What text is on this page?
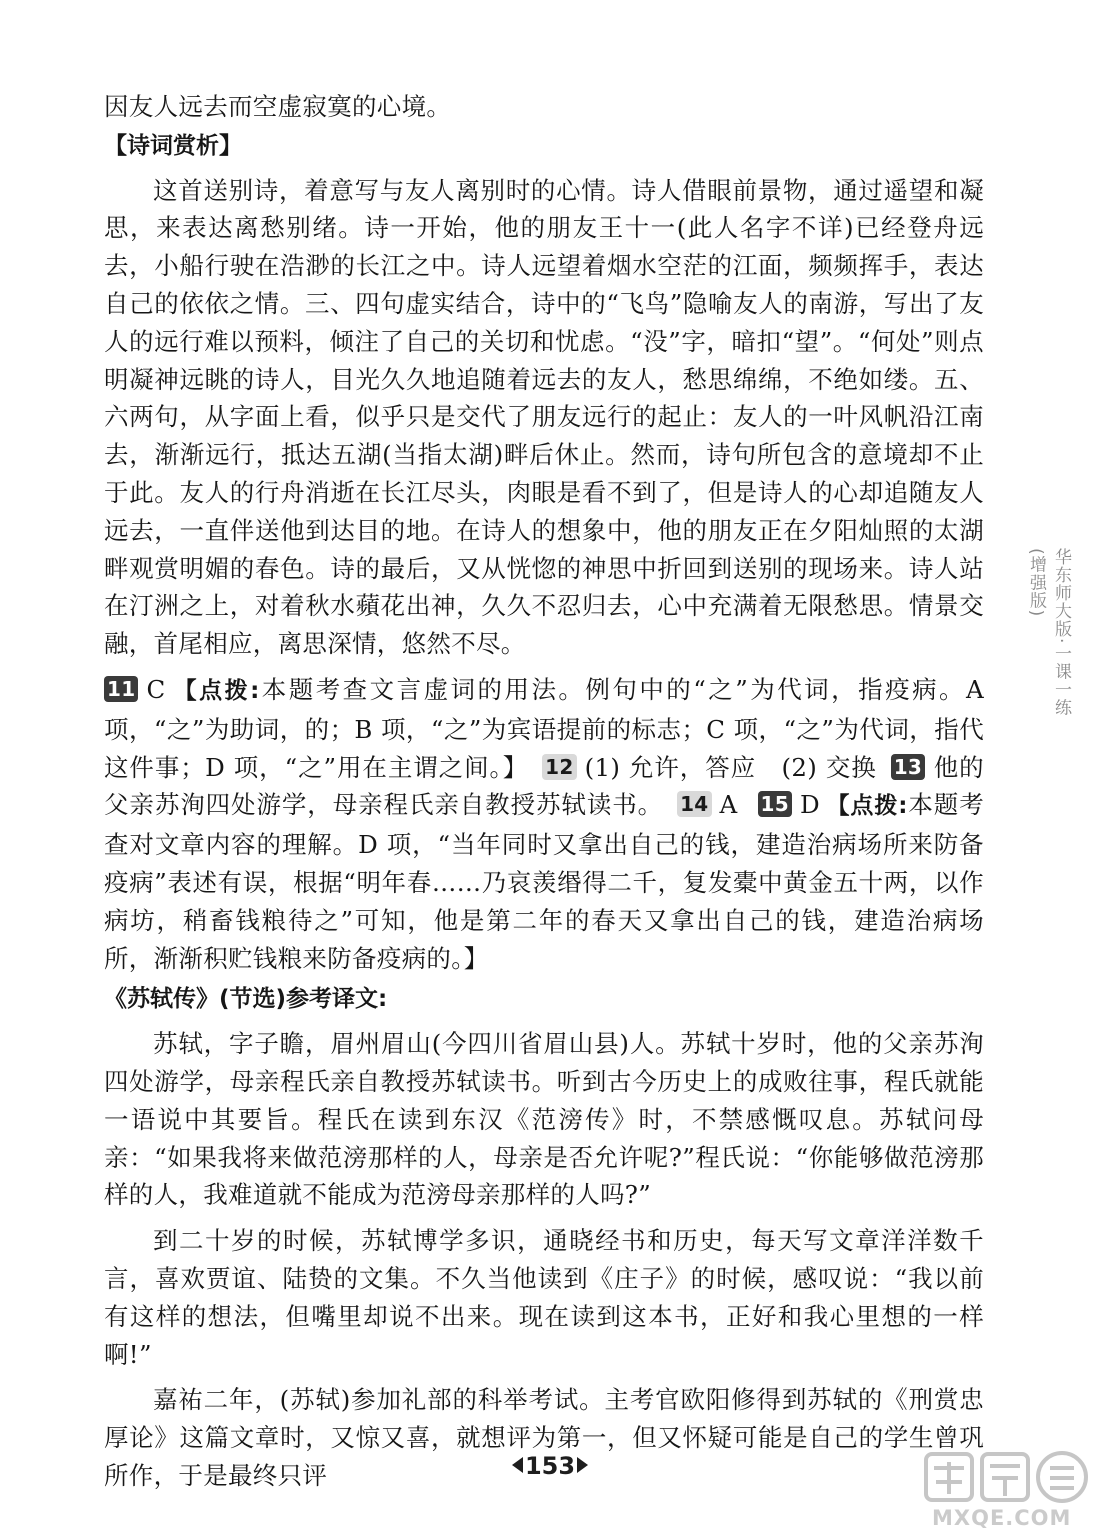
因友人远去而空虚寂寞的心境。

【诗词赏析】

这首送别诗，着意写与友人离别时的心情。诗人借眼前景物，通过遥望和凝思，来表达离愁别绪。诗一开始，他的朋友王十一(此人名字不详)已经登舟远去，小船行驶在浩渺的长江之中。诗人远望着烟水空茫的江面，频频挥手，表达自己的依依之情。三、四句虚实结合，诗中的“飞鸟”隐喻友人的南游，写出了友人的远行难以预料，倾注了自己的关切和忧虑。“没”字，暗扣“望”。“何处”则点明凝神远眺的诗人，目光久久地追随着远去的友人，愁思绵绵，不绝如缕。五、六两句，从字面上看，似乎只是交代了朋友远行的起止：友人的一叶风帆沿江南去，渐渐远行，抵达五湖(当指太湖)畔后休止。然而，诗句所包含的意境却不止于此。友人的行舟消逝在长江尽头，肉眼是看不到了，但是诗人的心却追随友人远去，一直伴送他到达目的地。在诗人的想象中，他的朋友正在夕阳灿照的太湖畔观赏明媚的春色。诗的最后，又从恍惚的神思中折回到送别的现场来。诗人站在汀洲之上，对着秋水蘋花出神，久久不忍归去，心中充满着无限愁思。情景交融，首尾相应，离思深情，悠然不尽。

11 C 【点拨:本题考查文言虚词的用法。例句中的“之”为代词，指疫病。A 项，“之”为助词，的；B 项，“之”为宾语提前的标志；C 项，“之”为代词，指代这件事；D 项，“之”用在主谓之间。】 12 (1) 允许，答应　(2) 交换 13 他的父亲苏洵四处游学，母亲程氏亲自教授苏轼读书。 14 A 15 D 【点拨:本题考查对文章内容的理解。D 项，“当年同时又拿出自己的钱，建造治病场所来防备疫病”表述有误，根据“明年春……乃哀羡缗得二千，复发橐中黄金五十两，以作病坊，稍畜钱粮待之”可知，他是第二年的春天又拿出自己的钱，建造治病场所，渐渐积贮钱粮来防备疫病的。】

《苏轼传》(节选)参考译文:

苏轼，字子瞻，眉州眉山(今四川省眉山县)人。苏轼十岁时，他的父亲苏洵四处游学，母亲程氏亲自教授苏轼读书。听到古今历史上的成败往事，程氏就能一语说中其要旨。程氏在读到东汉《范滂传》时，不禁感慨叹息。苏轼问母亲：“如果我将来做范滂那样的人，母亲是否允许呢?”程氏说：“你能够做范滂那样的人，我难道就不能成为范滂母亲那样的人吗?”

到二十岁的时候，苏轼博学多识，通晓经书和历史，每天写文章洋洋数千言，喜欢贾谊、陆贽的文集。不久当他读到《庄子》的时候，感叹说：“我以前有这样的想法，但嘴里却说不出来。现在读到这本书，正好和我心里想的一样啊!”

嘉祐二年，(苏轼)参加礼部的科举考试。主考官欧阳修得到苏轼的《刑赏忠厚论》这篇文章时，又惊又喜，就想评为第一，但又怀疑可能是自己的学生曾巩所作，于是最终只评

华东师大版·一课一练(增强版)
153
MXQE.COM
